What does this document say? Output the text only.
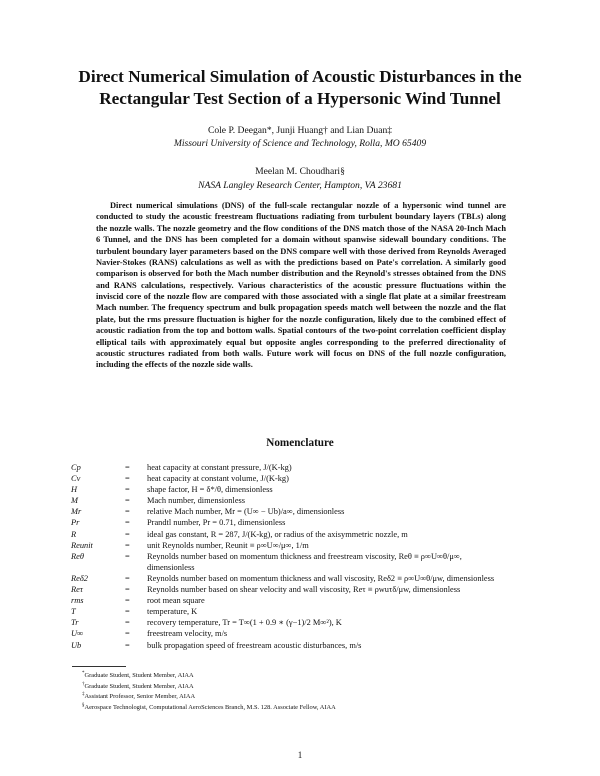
Direct Numerical Simulation of Acoustic Disturbances in the Rectangular Test Section of a Hypersonic Wind Tunnel
Cole P. Deegan*, Junji Huang† and Lian Duan‡
Missouri University of Science and Technology, Rolla, MO 65409
Meelan M. Choudhari§
NASA Langley Research Center, Hampton, VA 23681

Direct numerical simulations (DNS) of the full-scale rectangular nozzle of a hypersonic wind tunnel are conducted to study the acoustic freestream fluctuations radiating from turbulent boundary layers (TBLs) along the nozzle walls. The nozzle geometry and the flow conditions of the DNS match those of the NASA 20-Inch Mach 6 Tunnel, and the DNS has been completed for a domain without spanwise sidewall boundary conditions. The turbulent boundary layer parameters based on the DNS compare well with those derived from Reynolds Averaged Navier-Stokes (RANS) calculations as well as with the predictions based on Pate's correlation. A similarly good comparison is observed for both the Mach number distribution and the Reynold's stresses obtained from the DNS and RANS calculations, respectively. Various characteristics of the acoustic pressure fluctuations within the inviscid core of the nozzle flow are compared with those associated with a single flat plate at a similar freestream Mach number. The frequency spectrum and bulk propagation speeds match well between the nozzle and the flat plate, but the rms pressure fluctuation is higher for the nozzle configuration, likely due to the combined effect of acoustic radiation from the top and bottom walls. Spatial contours of the two-point correlation coefficient display elliptical tails with approximately equal but opposite angles corresponding to the preferred directionality of acoustic structures radiated from both walls. Future work will focus on DNS of the full nozzle configuration, including the effects of the nozzle side walls.

Nomenclature
Cp	=	heat capacity at constant pressure, J/(K-kg)
Cv	=	heat capacity at constant volume, J/(K-kg)
H	=	shape factor, H = δ*/θ, dimensionless
M	=	Mach number, dimensionless
Mr	=	relative Mach number, Mr = (U∞ − Ub)/a∞, dimensionless
Pr	=	Prandtl number, Pr = 0.71, dimensionless
R	=	ideal gas constant, R = 287, J/(K-kg), or radius of the axisymmetric nozzle, m
Reunit	=	unit Reynolds number, Reunit ≡ ρ∞U∞/μ∞, 1/m
Reθ	=	Reynolds number based on momentum thickness and freestream viscosity, Reθ ≡ ρ∞U∞θ/μ∞,
dimensionless
Reδ2	=	Reynolds number based on momentum thickness and wall viscosity, Reδ2 ≡ ρ∞U∞θ/μw, dimensionless
Reτ	=	Reynolds number based on shear velocity and wall viscosity, Reτ ≡ ρwuτδ/μw, dimensionless
rms	=	root mean square
T	=	temperature, K
Tr	=	recovery temperature, Tr = T∞(1 + 0.9 ∗ (γ−1)/2 M∞²), K
U∞	=	freestream velocity, m/s
Ub	=	bulk propagation speed of freestream acoustic disturbances, m/s
*Graduate Student, Student Member, AIAA
†Graduate Student, Student Member, AIAA
‡Assistant Professor, Senior Member, AIAA
§Aerospace Technologist, Computational AeroSciences Branch, M.S. 128. Associate Fellow, AIAA
1
